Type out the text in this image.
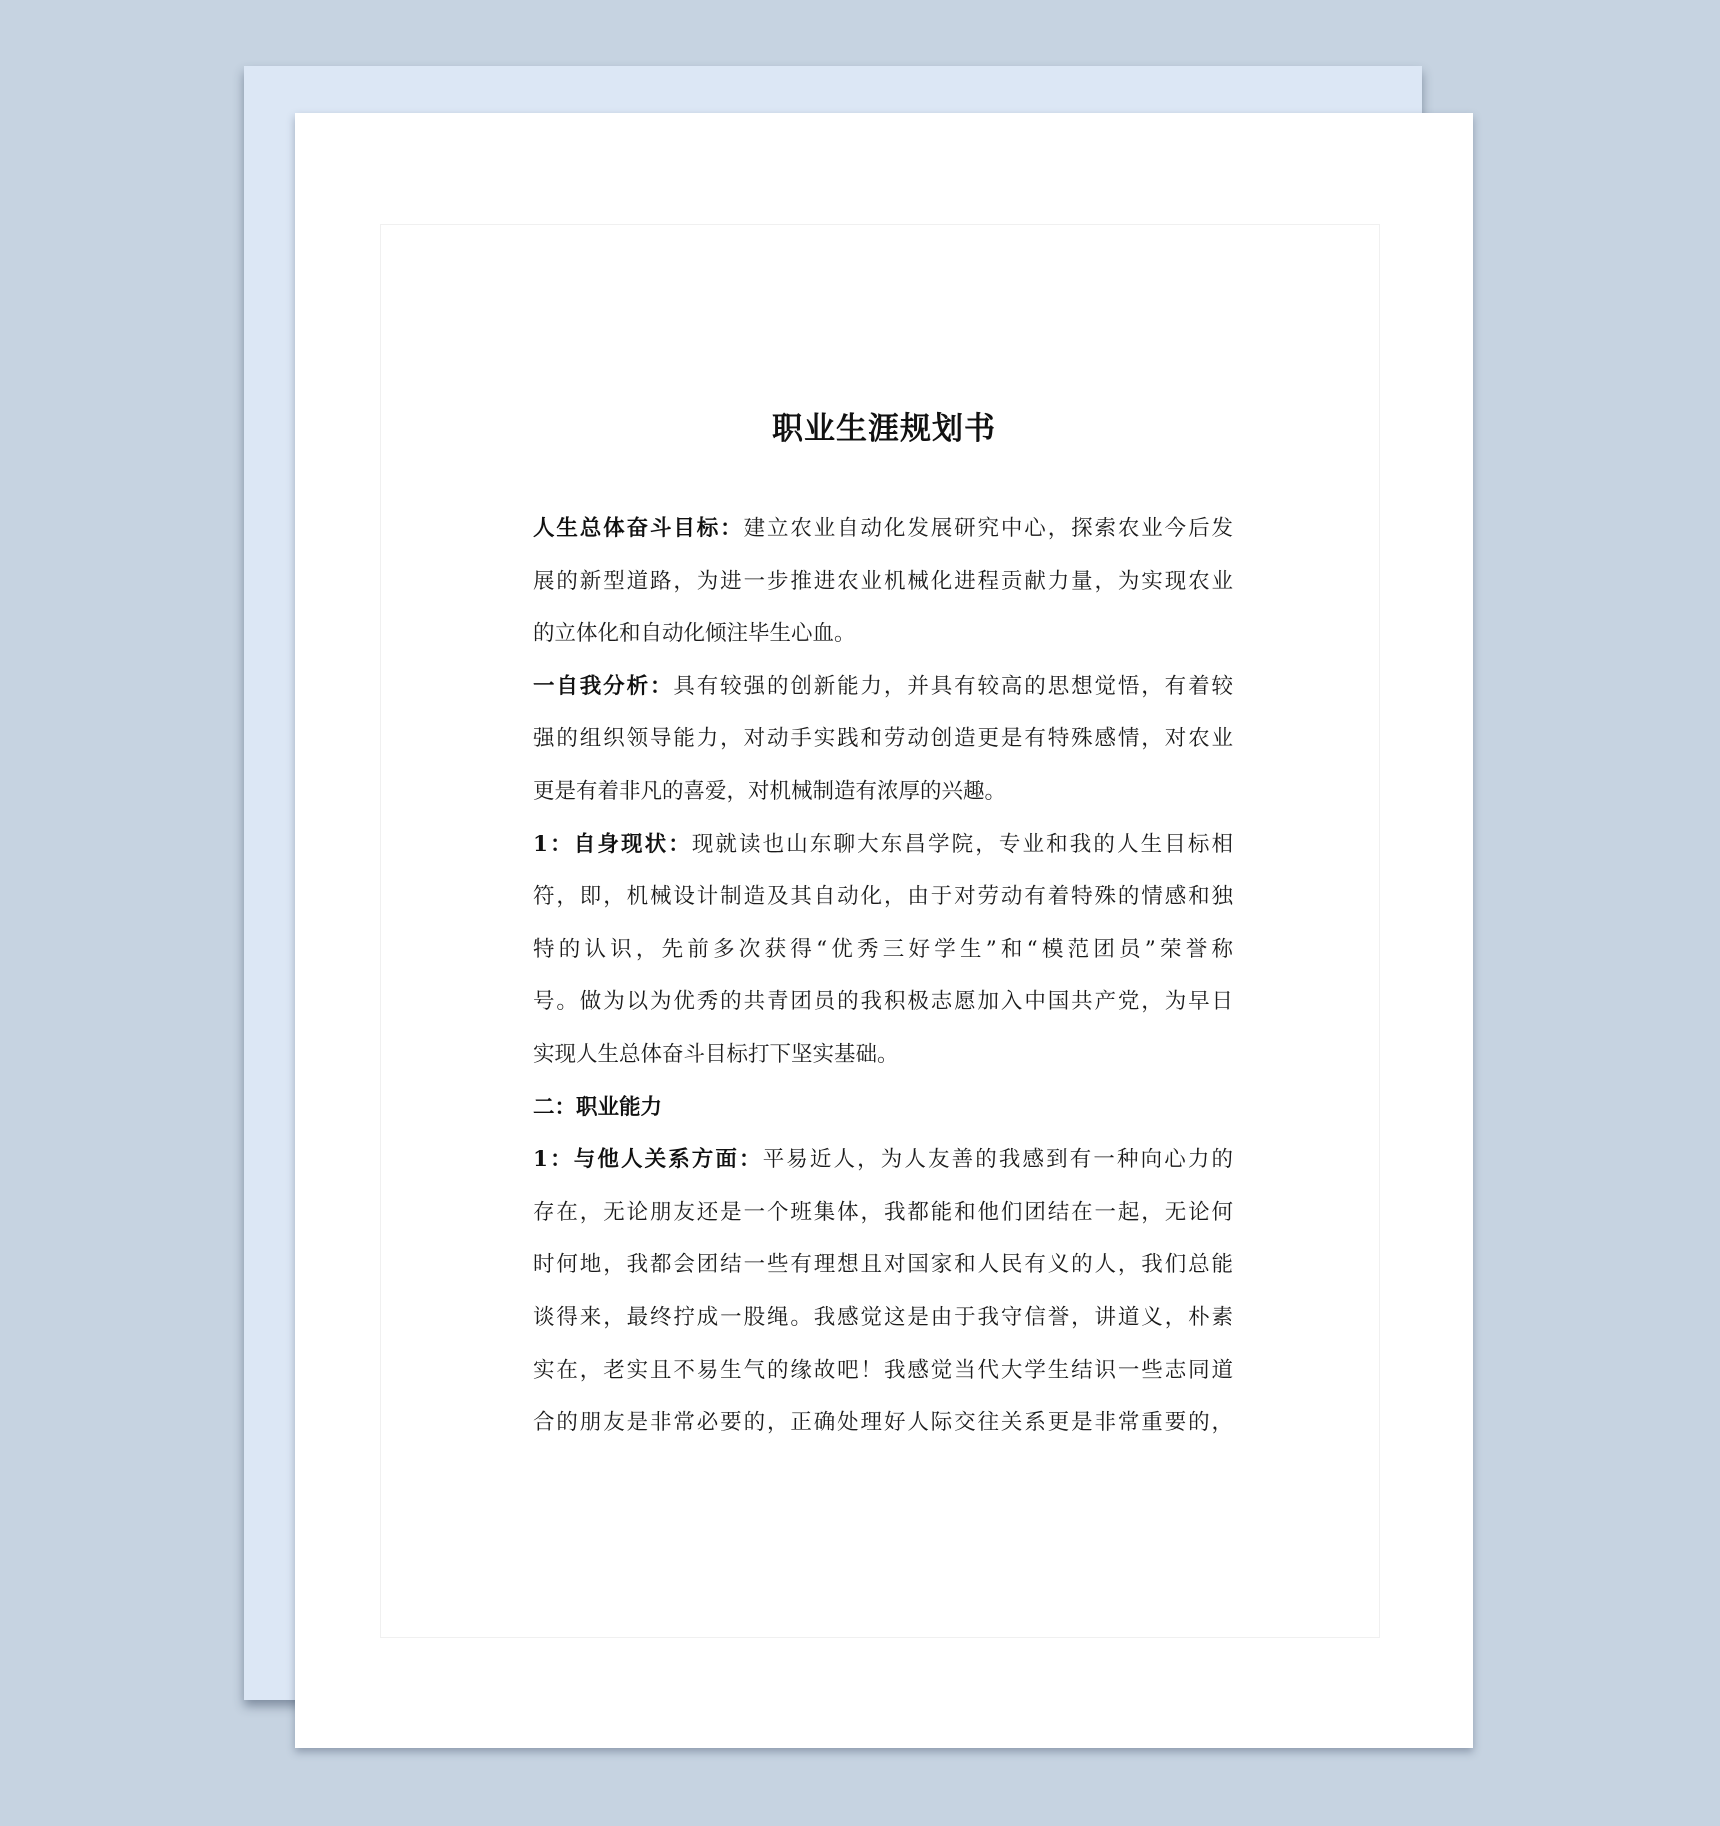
职业生涯规划书
人生总体奋斗目标：建立农业自动化发展研究中心，探索农业今后发
展的新型道路，为进一步推进农业机械化进程贡献力量，为实现农业
的立体化和自动化倾注毕生心血。
一自我分析：具有较强的创新能力，并具有较高的思想觉悟，有着较
强的组织领导能力，对动手实践和劳动创造更是有特殊感情，对农业
更是有着非凡的喜爱，对机械制造有浓厚的兴趣。
1：自身现状：现就读也山东聊大东昌学院，专业和我的人生目标相
符，即，机械设计制造及其自动化，由于对劳动有着特殊的情感和独
特的认识，先前多次获得“优秀三好学生”和“模范团员”荣誉称
号。做为以为优秀的共青团员的我积极志愿加入中国共产党，为早日
实现人生总体奋斗目标打下坚实基础。
二：职业能力
1：与他人关系方面：平易近人，为人友善的我感到有一种向心力的
存在，无论朋友还是一个班集体，我都能和他们团结在一起，无论何
时何地，我都会团结一些有理想且对国家和人民有义的人，我们总能
谈得来，最终拧成一股绳。我感觉这是由于我守信誉，讲道义，朴素
实在，老实且不易生气的缘故吧！我感觉当代大学生结识一些志同道
合的朋友是非常必要的，正确处理好人际交往关系更是非常重要的，
